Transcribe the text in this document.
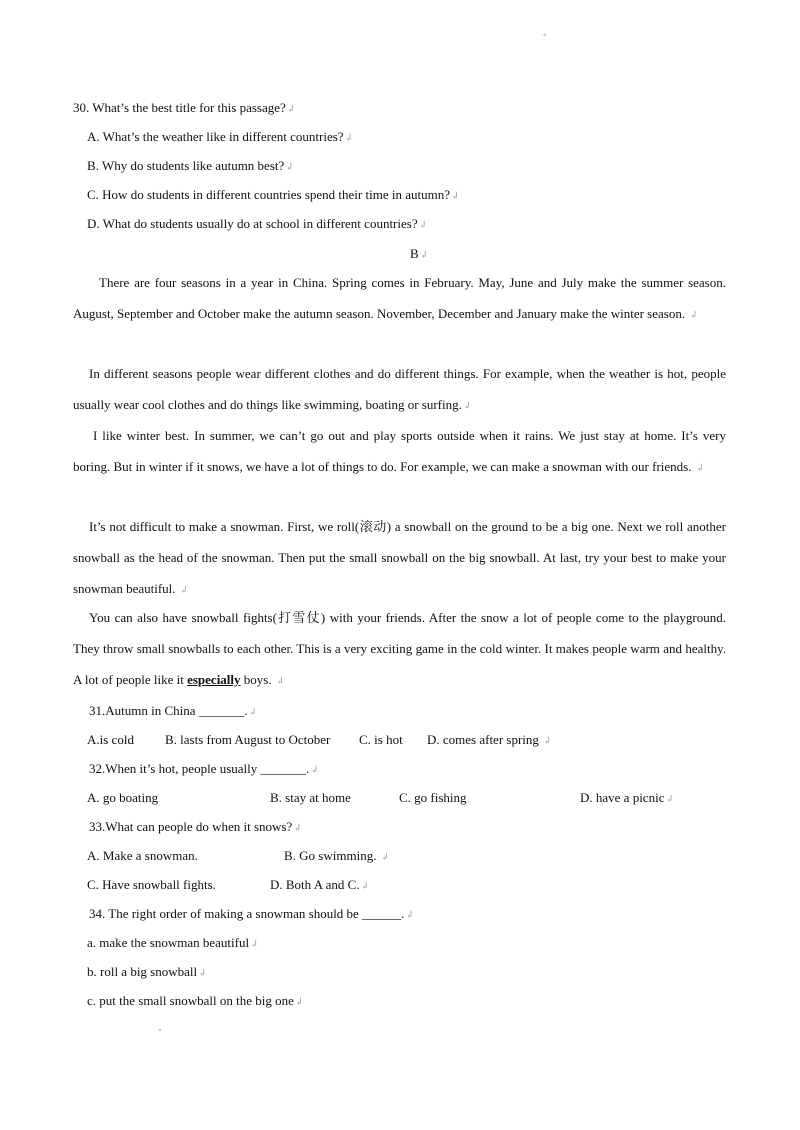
◦
30. What’s the best title for this passage?↲
A. What’s the weather like in different countries?↲
B. Why do students like autumn best?↲
C. How do students in different countries spend their time in autumn?↲
D. What do students usually do at school in different countries?↲
B↲
There are four seasons in a year in China. Spring comes in February. May, June and July make the summer season. August, September and October make the autumn season. November, December and January make the winter season. ↲
In different seasons people wear different clothes and do different things. For example, when the weather is hot, people usually wear cool clothes and do things like swimming, boating or surfing.↲
I like winter best. In summer, we can’t go out and play sports outside when it rains. We just stay at home. It’s very boring. But in winter if it snows, we have a lot of things to do. For example, we can make a snowman with our friends. ↲
It’s not difficult to make a snowman. First, we roll(滚动) a snowball on the ground to be a big one. Next we roll another snowball as the head of the snowman. Then put the small snowball on the big snowball. At last, try your best to make your snowman beautiful. ↲
You can also have snowball fights(打雪仗) with your friends. After the snow a lot of people come to the playground. They throw small snowballs to each other. This is a very exciting game in the cold winter. It makes people warm and healthy. A lot of people like it especially boys. ↲
31.Autumn in China _______.↲
A.is cold B. lasts from August to October C. is hot D. comes after spring ↲
32.When it’s hot, people usually _______.↲
A. go boating	B. stay at home	C. go fishing	D. have a picnic↲
33.What can people do when it snows?↲
A. Make a snowman.	B. Go swimming. ↲
C. Have snowball fights.	D. Both A and C.↲
34. The right order of making a snowman should be ______.↲
a. make the snowman beautiful↲
b. roll a big snowball↲
c. put the small snowball on the big one↲
◦
